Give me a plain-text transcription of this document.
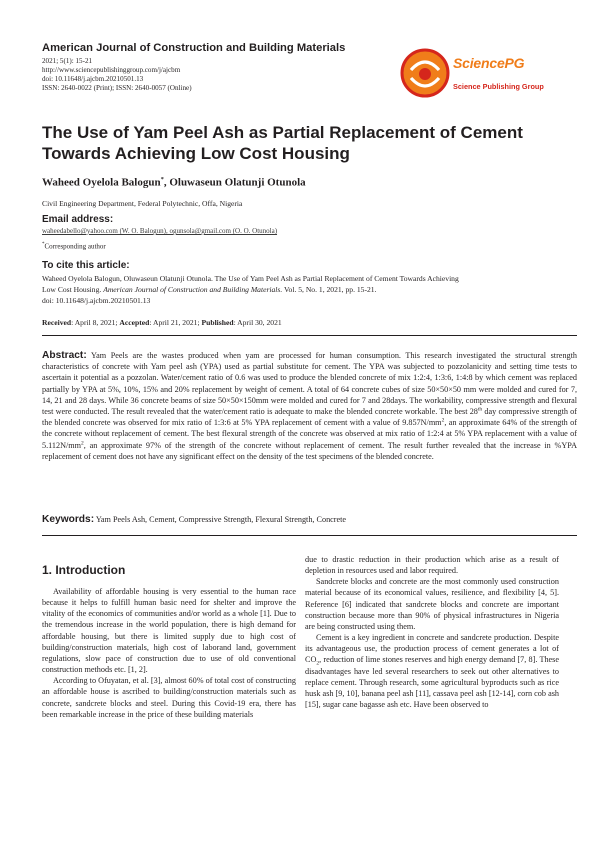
American Journal of Construction and Building Materials
2021; 5(1): 15-21
http://www.sciencepublishinggroup.com/j/ajcbm
doi: 10.11648/j.ajcbm.20210501.13
ISSN: 2640-0022 (Print); ISSN: 2640-0057 (Online)
SciencePG
Science Publishing Group
The Use of Yam Peel Ash as Partial Replacement of Cement Towards Achieving Low Cost Housing
Waheed Oyelola Balogun*, Oluwaseun Olatunji Otunola
Civil Engineering Department, Federal Polytechnic, Offa, Nigeria
Email address:
waheedabello@yahoo.com (W. O. Balogun), ogunsola@gmail.com (O. O. Otunola)
*Corresponding author
To cite this article:
Waheed Oyelola Balogun, Oluwaseun Olatunji Otunola. The Use of Yam Peel Ash as Partial Replacement of Cement Towards Achieving
Low Cost Housing. American Journal of Construction and Building Materials. Vol. 5, No. 1, 2021, pp. 15-21.
doi: 10.11648/j.ajcbm.20210501.13
Received: April 8, 2021; Accepted: April 21, 2021; Published: April 30, 2021
Abstract: Yam Peels are the wastes produced when yam are processed for human consumption. This research investigated the structural strength characteristics of concrete with Yam peel ash (YPA) used as partial substitute for cement. The YPA was subjected to pozzolanicity and setting time tests to ascertain it potential as a pozzolan. Water/cement ratio of 0.6 was used to produce the blended concrete of mix 1:2:4, 1:3:6, 1:4:8 by which cement was replaced partially by YPA at 5%, 10%, 15% and 20% replacement by weight of cement. A total of 64 concrete cubes of size 50×50×50 mm were molded and cured for 7, 14, 21 and 28 days. While 36 concrete beams of size 50×50×150mm were molded and cured for 7 and 28days. The workability, compressive strength and flexural test were conducted. The result revealed that the water/cement ratio is adequate to make the blended concrete workable. The best 28th day compressive strength of the blended concrete was observed for mix ratio of 1:3:6 at 5% YPA replacement of cement with a value of $9.857N/mm^2$, an approximate 64% of the strength of the concrete without replacement of cement. The best flexural strength of the concrete was observed at mix ratio of 1:2:4 at 5% YPA replacement with a value of $5.112N/mm^2$, an approximate 97% of the strength of the concrete without replacement of cement. The result further revealed that the increase in %YPA replacement of cement does not have any significant effect on the density of the test specimens of the blended concrete.
Keywords: Yam Peels Ash, Cement, Compressive Strength, Flexural Strength, Concrete
1. Introduction

Availability of affordable housing is very essential to the human race because it helps to fulfill human basic need for shelter and improve the vitality of the economics of communities and/or world as a whole [1]. Due to the tremendous increase in the world population, there is high demand for affordable housing, but there is limited supply due to high cost of building/construction materials, high cost of laborand land, government regulations, slow pace of construction due to use of old conventional construction methods etc. [1, 2].

According to Ofuyatan, et al. [3], almost 60% of total cost of constructing an affordable house is ascribed to building/construction materials such as concrete, sandcrete blocks and steel. During this Covid-19 era, there has been remarkable increase in the price of these building materials

due to drastic reduction in their production which arise as a result of depletion in resources used and labor required.

Sandcrete blocks and concrete are the most commonly used construction material because of its economical values, resilience, and flexibility [4, 5]. Reference [6] indicated that sandcrete blocks and concrete are important construction because more than 90% of physical infrastructures in Nigeria are being constructed using them.

Cement is a key ingredient in concrete and sandcrete production. Despite its advantageous use, the production process of cement generates a lot of $CO_2$, reduction of lime stones reserves and high energy demand [7, 8]. These disadvantages have led several researchers to seek out other alternatives to replace cement. Through research, some agricultural byproducts such as rice husk ash [9, 10], banana peel ash [11], cassava peel ash [12-14], corn cob ash [15], sugar cane bagasse ash etc. Have been observed to
